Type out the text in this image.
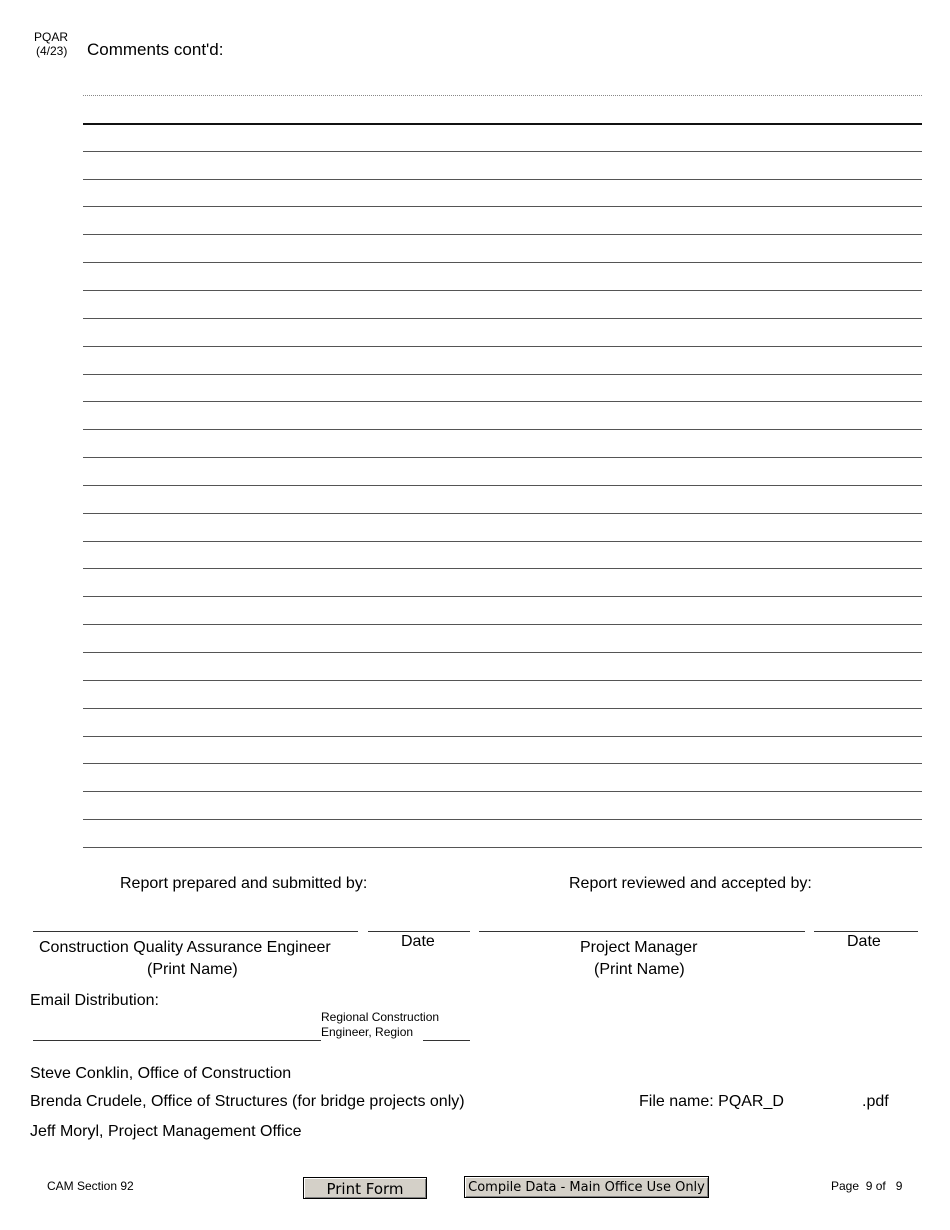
PQAR
(4/23) Comments cont'd:
Report prepared and submitted by:	Report reviewed and accepted by:
Construction Quality Assurance Engineer
(Print Name)
Date	Project Manager
(Print Name)
Date
Email Distribution:
Regional Construction
Engineer, Region
Steve Conklin, Office of Construction
Brenda Crudele, Office of Structures (for bridge projects only)
Jeff Moryl, Project Management Office
File name: PQAR_D	.pdf
CAM Section 92	Print Form	Compile Data - Main Office Use Only	Page  9 of   9
